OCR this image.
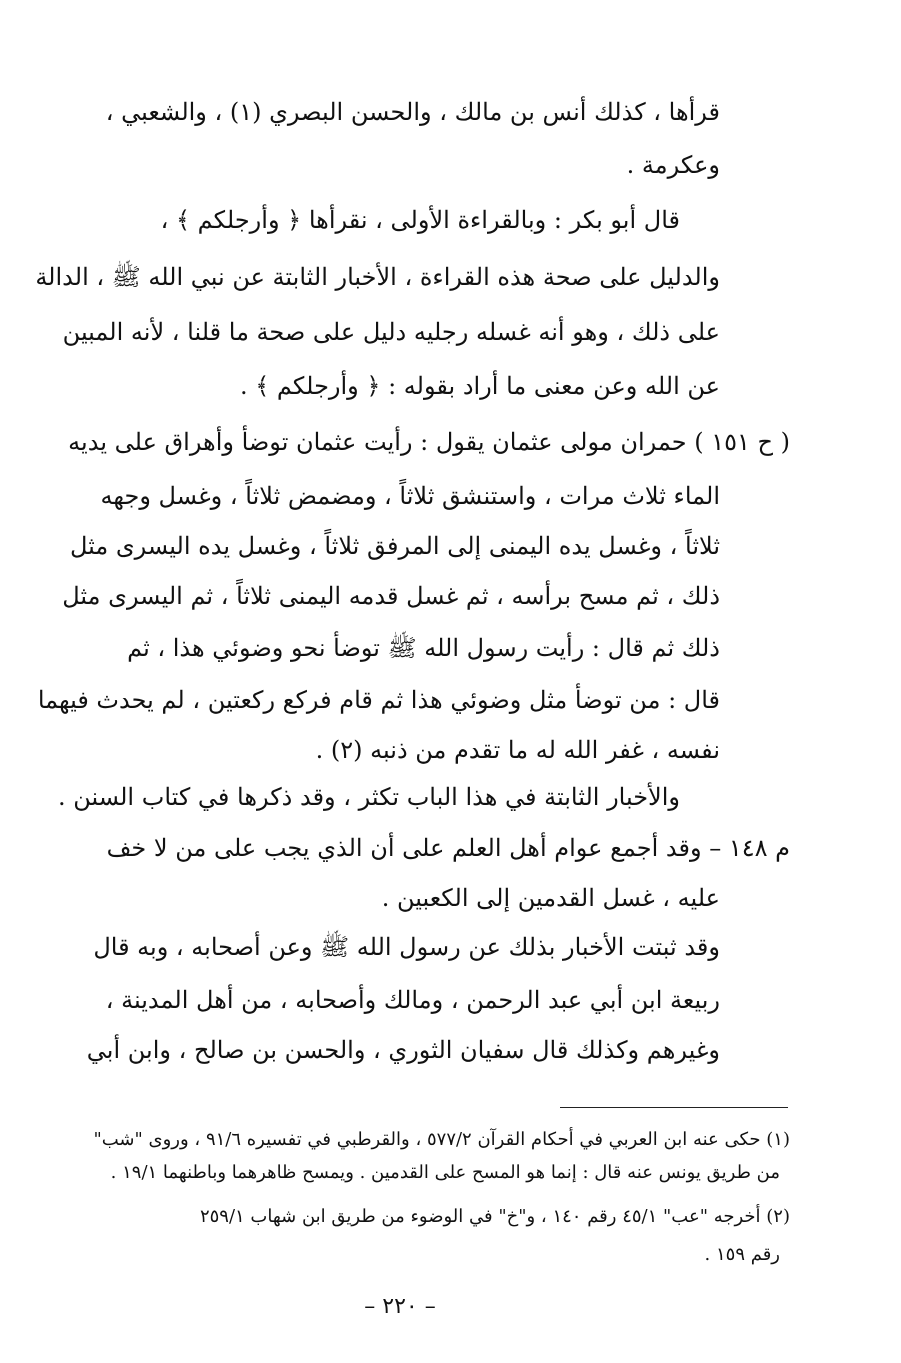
قرأها ، كذلك أنس بن مالك ، والحسن البصري (١) ، والشعبي ،
وعكرمة .
قال أبو بكر : وبالقراءة الأولى ، نقرأها ﴿ وأرجلكم ﴾ ،
والدليل على صحة هذه القراءة ، الأخبار الثابتة عن نبي الله ﷺ ، الدالة
على ذلك ، وهو أنه غسله رجليه دليل على صحة ما قلنا ، لأنه المبين
عن الله وعن معنى ما أراد بقوله : ﴿ وأرجلكم ﴾ .
( ح ١٥١ ) حمران مولى عثمان يقول : رأيت عثمان توضأ وأهراق على يديه
الماء ثلاث مرات ، واستنشق ثلاثاً ، ومضمض ثلاثاً ، وغسل وجهه
ثلاثاً ، وغسل يده اليمنى إلى المرفق ثلاثاً ، وغسل يده اليسرى مثل
ذلك ، ثم مسح برأسه ، ثم غسل قدمه اليمنى ثلاثاً ، ثم اليسرى مثل
ذلك ثم قال : رأيت رسول الله ﷺ توضأ نحو وضوئي هذا ، ثم
قال : من توضأ مثل وضوئي هذا ثم قام فركع ركعتين ، لم يحدث فيهما
نفسه ، غفر الله له ما تقدم من ذنبه (٢) .
والأخبار الثابتة في هذا الباب تكثر ، وقد ذكرها في كتاب السنن .
م ١٤٨ – وقد أجمع عوام أهل العلم على أن الذي يجب على من لا خف
عليه ، غسل القدمين إلى الكعبين .
وقد ثبتت الأخبار بذلك عن رسول الله ﷺ وعن أصحابه ، وبه قال
ربيعة ابن أبي عبد الرحمن ، ومالك وأصحابه ، من أهل المدينة ،
وغيرهم وكذلك قال سفيان الثوري ، والحسن بن صالح ، وابن أبي
(١) حكى عنه ابن العربي في أحكام القرآن ٥٧٧/٢ ، والقرطبي في تفسيره ٩١/٦ ، وروى "شب"
من طريق يونس عنه قال : إنما هو المسح على القدمين . ويمسح ظاهرهما وباطنهما ١٩/١ .
(٢) أخرجه "عب" ٤٥/١ رقم ١٤٠ ، و"خ" في الوضوء من طريق ابن شهاب ٢٥٩/١
رقم ١٥٩ .
– ٢٢٠ –
